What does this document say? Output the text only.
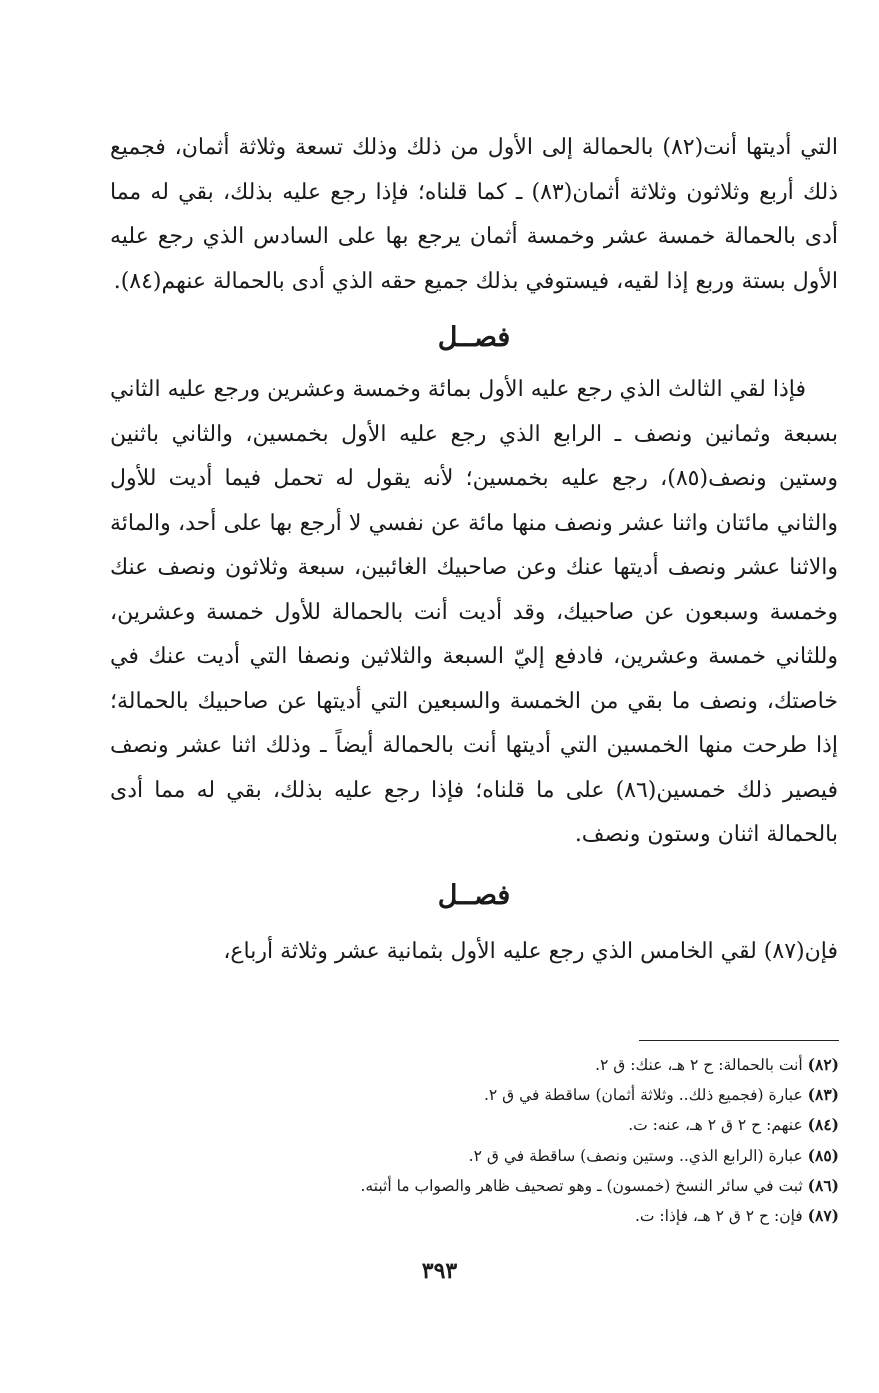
التي أديتها أنت(٨٢) بالحمالة إلى الأول من ذلك وذلك تسعة وثلاثة أثمان، فجميع ذلك أربع وثلاثون وثلاثة أثمان(٨٣) ـ كما قلناه؛ فإذا رجع عليه بذلك، بقي له مما أدى بالحمالة خمسة عشر وخمسة أثمان يرجع بها على السادس الذي رجع عليه الأول بستة وربع إذا لقيه، فيستوفي بذلك جميع حقه الذي أدى بالحمالة عنهم(٨٤).

فصــل

فإذا لقي الثالث الذي رجع عليه الأول بمائة وخمسة وعشرين ورجع عليه الثاني بسبعة وثمانين ونصف ـ الرابع الذي رجع عليه الأول بخمسين، والثاني باثنين وستين ونصف(٨٥)، رجع عليه بخمسين؛ لأنه يقول له تحمل فيما أديت للأول والثاني مائتان واثنا عشر ونصف منها مائة عن نفسي لا أرجع بها على أحد، والمائة والاثنا عشر ونصف أديتها عنك وعن صاحبيك الغائبين، سبعة وثلاثون ونصف عنك وخمسة وسبعون عن صاحبيك، وقد أديت أنت بالحمالة للأول خمسة وعشرين، وللثاني خمسة وعشرين، فادفع إليّ السبعة والثلاثين ونصفا التي أديت عنك في خاصتك، ونصف ما بقي من الخمسة والسبعين التي أديتها عن صاحبيك بالحمالة؛ إذا طرحت منها الخمسين التي أديتها أنت بالحمالة أيضاً ـ وذلك اثنا عشر ونصف فيصير ذلك خمسين(٨٦) على ما قلناه؛ فإذا رجع عليه بذلك، بقي له مما أدى بالحمالة اثنان وستون ونصف.

فصــل

فإن(٨٧) لقي الخامس الذي رجع عليه الأول بثمانية عشر وثلاثة أرباع،

(٨٢) أنت بالحمالة: ح ٢ هـ، عنك: ق ٢.

(٨٣) عبارة (فجميع ذلك.. وثلاثة أثمان) ساقطة في ق ٢.

(٨٤) عنهم: ح ٢ ق ٢ هـ، عنه: ت.

(٨٥) عبارة (الرابع الذي.. وستين ونصف) ساقطة في ق ٢.

(٨٦) ثبت في سائر النسخ (خمسون) ـ وهو تصحيف ظاهر والصواب ما أثبته.

(٨٧) فإن: ح ٢ ق ٢ هـ، فإذا: ت.

٣٩٣
